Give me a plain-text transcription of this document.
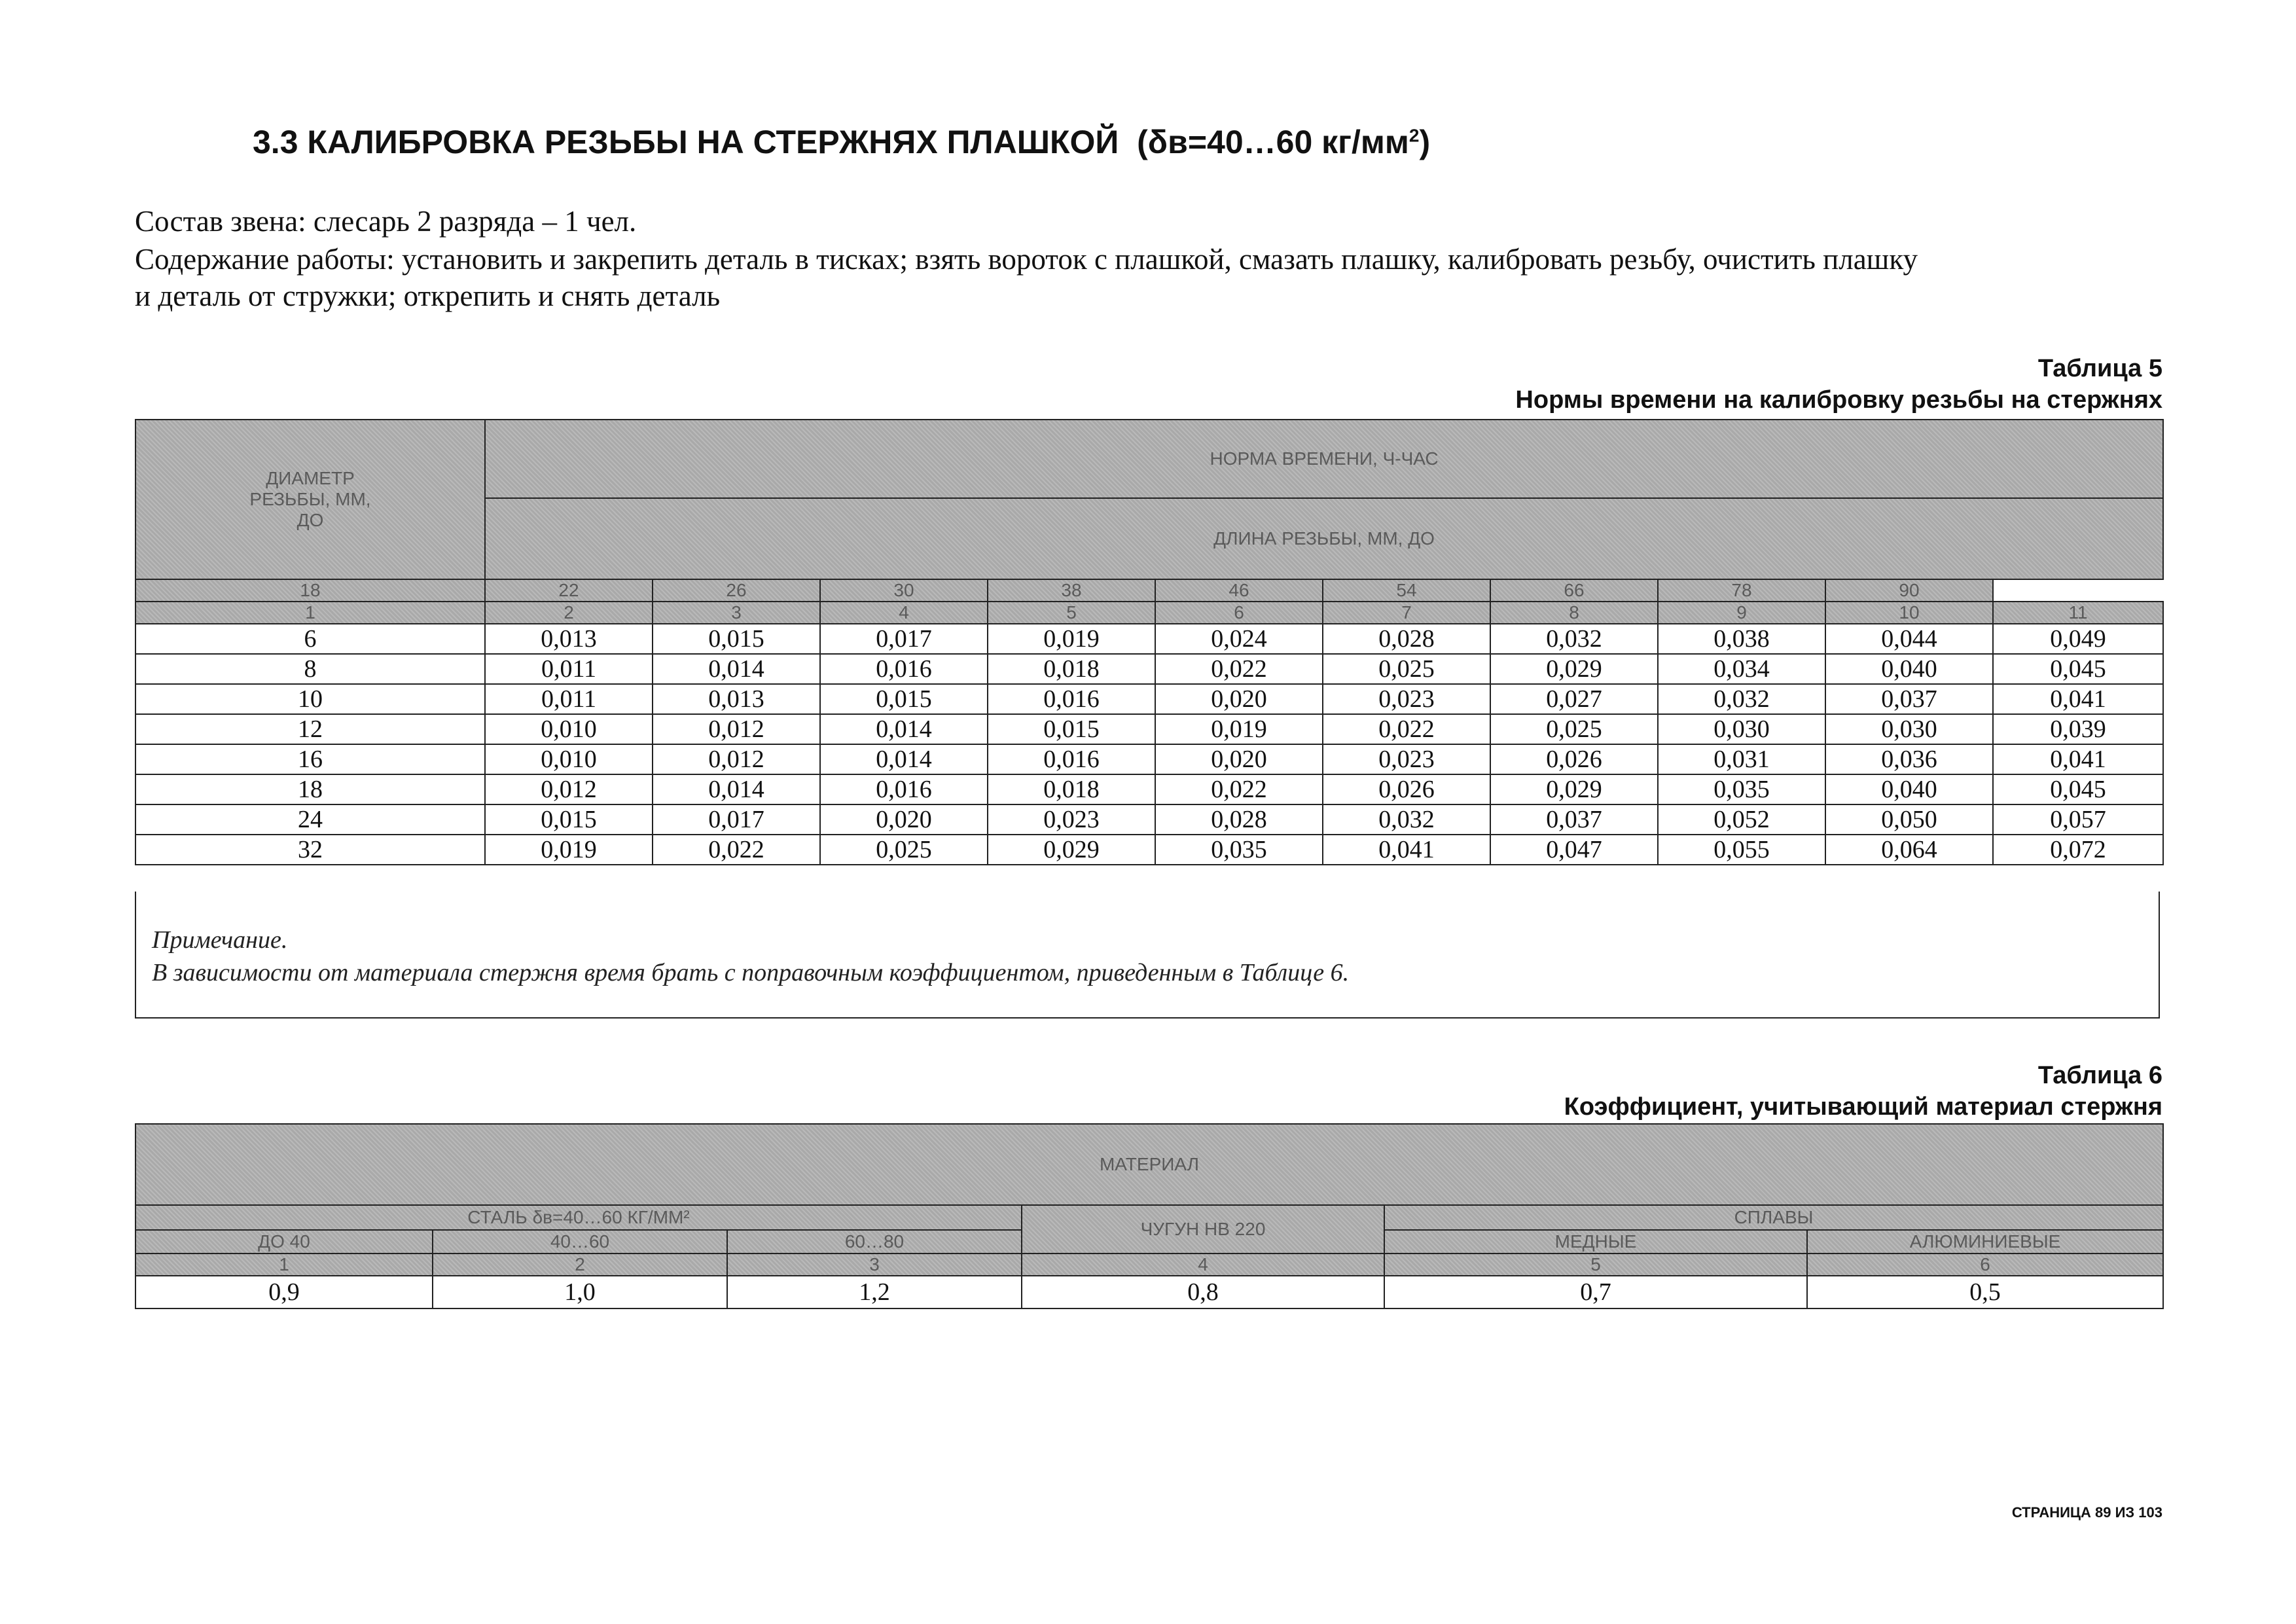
3.3 КАЛИБРОВКА РЕЗЬБЫ НА СТЕРЖНЯХ ПЛАШКОЙ (δв=40…60 $кг/мм^2$)
Состав звена: слесарь 2 разряда – 1 чел.
Содержание работы: установить и закрепить деталь в тисках; взять вороток с плашкой, смазать плашку, калибровать резьбу, очистить плашку
и деталь от стружки; открепить и снять деталь
Таблица 5
Нормы времени на калибровку резьбы на стержнях
ДИАМЕТР РЕЗЬБЫ, ММ, ДО	НОРМА ВРЕМЕНИ, Ч-ЧАС									
	ДЛИНА РЕЗЬБЫ, ММ, ДО									
18	22	26	30	38	46	54	66	78	90	
1	2	3	4	5	6	7	8	9	10	11
6	0,013	0,015	0,017	0,019	0,024	0,028	0,032	0,038	0,044	0,049
8	0,011	0,014	0,016	0,018	0,022	0,025	0,029	0,034	0,040	0,045
10	0,011	0,013	0,015	0,016	0,020	0,023	0,027	0,032	0,037	0,041
12	0,010	0,012	0,014	0,015	0,019	0,022	0,025	0,030	0,030	0,039
16	0,010	0,012	0,014	0,016	0,020	0,023	0,026	0,031	0,036	0,041
18	0,012	0,014	0,016	0,018	0,022	0,026	0,029	0,035	0,040	0,045
24	0,015	0,017	0,020	0,023	0,028	0,032	0,037	0,052	0,050	0,057
32	0,019	0,022	0,025	0,029	0,035	0,041	0,047	0,055	0,064	0,072
Примечание.
В зависимости от материала стержня время брать с поправочным коэффициентом, приведенным в Таблице 6.
Таблица 6
Коэффициент, учитывающий материал стержня
МАТЕРИАЛ					
СТАЛЬ δв=40…60 КГ/ММ²			ЧУГУН НВ 220	СПЛАВЫ	
ДО 40	40…60	60…80		МЕДНЫЕ	АЛЮМИНИЕВЫЕ
1	2	3	4	5	6
0,9	1,0	1,2	0,8	0,7	0,5
СТРАНИЦА 89 ИЗ 103
